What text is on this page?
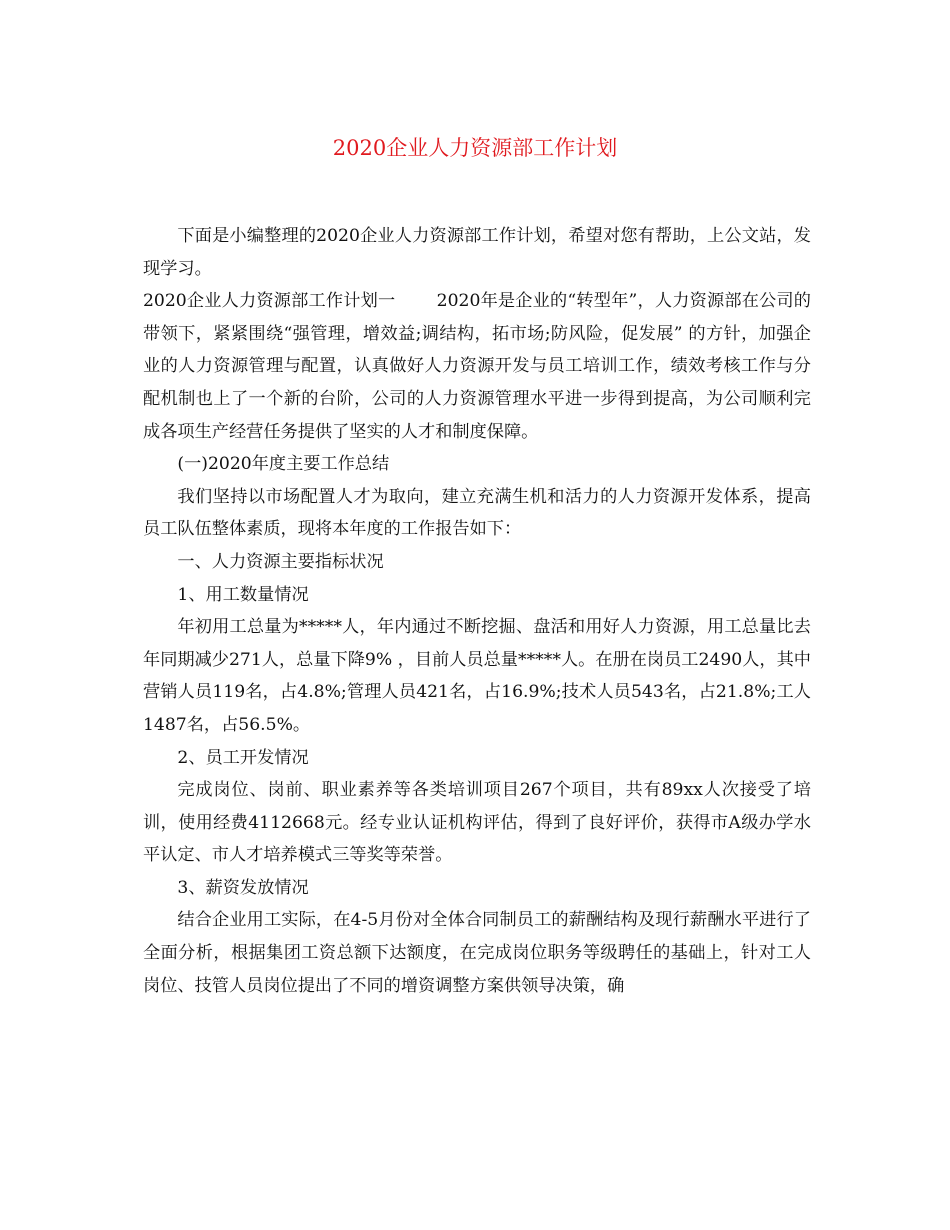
2020企业人力资源部工作计划

下面是小编整理的2020企业人力资源部工作计划，希望对您有帮助，上公文站，发现学习。

2020企业人力资源部工作计划一 2020年是企业的“转型年”，人力资源部在公司的带领下，紧紧围绕“强管理，增效益;调结构，拓市场;防风险，促发展” 的方针，加强企业的人力资源管理与配置，认真做好人力资源开发与员工培训工作，绩效考核工作与分配机制也上了一个新的台阶，公司的人力资源管理水平进一步得到提高，为公司顺利完成各项生产经营任务提供了坚实的人才和制度保障。

(一)2020年度主要工作总结

我们坚持以市场配置人才为取向，建立充满生机和活力的人力资源开发体系，提高员工队伍整体素质，现将本年度的工作报告如下：

一、人力资源主要指标状况

1、用工数量情况

年初用工总量为*****人，年内通过不断挖掘、盘活和用好人力资源，用工总量比去年同期减少271人，总量下降9% ，目前人员总量*****人。在册在岗员工2490人，其中营销人员119名，占4.8%;管理人员421名，占16.9%;技术人员543名，占21.8%;工人1487名，占56.5%。

2、员工开发情况

完成岗位、岗前、职业素养等各类培训项目267个项目，共有89xx人次接受了培训，使用经费4112668元。经专业认证机构评估，得到了良好评价，获得市A级办学水平认定、市人才培养模式三等奖等荣誉。

3、薪资发放情况

结合企业用工实际，在4-5月份对全体合同制员工的薪酬结构及现行薪酬水平进行了全面分析，根据集团工资总额下达额度，在完成岗位职务等级聘任的基础上，针对工人岗位、技管人员岗位提出了不同的增资调整方案供领导决策，确
